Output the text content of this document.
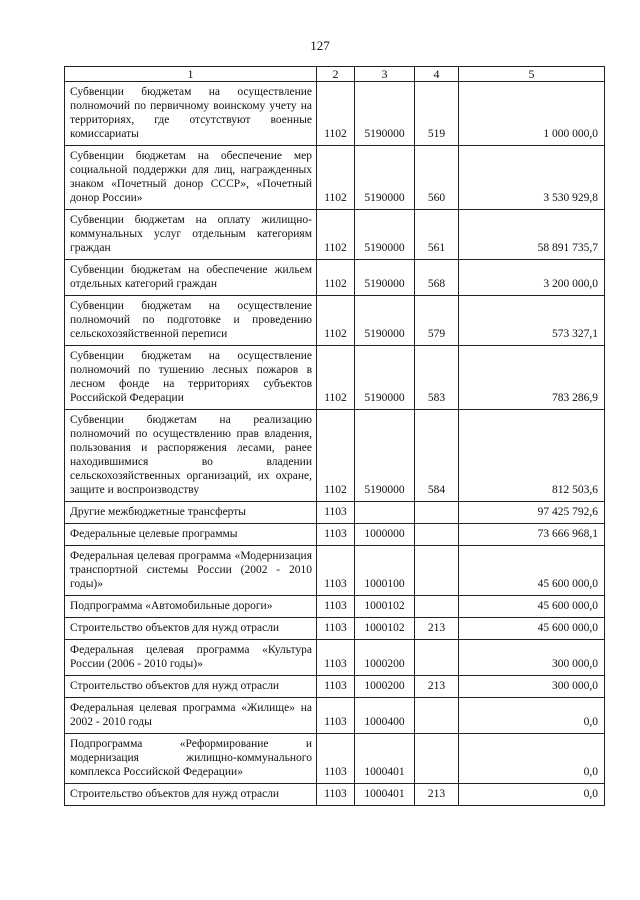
127
1	2	3	4	5
Субвенции бюджетам на осуществление полномочий по первичному воинскому учету на территориях, где отсутствуют военные комиссариаты	1102	5190000	519	1 000 000,0
Субвенции бюджетам на обеспечение мер социальной поддержки для лиц, награжденных знаком «Почетный донор СССР», «Почетный донор России»	1102	5190000	560	3 530 929,8
Субвенции бюджетам на оплату жилищно-коммунальных услуг отдельным категориям граждан	1102	5190000	561	58 891 735,7
Субвенции бюджетам на обеспечение жильем отдельных категорий граждан	1102	5190000	568	3 200 000,0
Субвенции бюджетам на осуществление полномочий по подготовке и проведению сельскохозяйственной переписи	1102	5190000	579	573 327,1
Субвенции бюджетам на осуществление полномочий по тушению лесных пожаров в лесном фонде на территориях субъектов Российской Федерации	1102	5190000	583	783 286,9
Субвенции бюджетам на реализацию полномочий по осуществлению прав владения, пользования и распоряжения лесами, ранее находившимися во владении сельскохозяйственных организаций, их охране, защите и воспроизводству	1102	5190000	584	812 503,6
Другие межбюджетные трансферты	1103			97 425 792,6
Федеральные целевые программы	1103	1000000		73 666 968,1
Федеральная целевая программа «Модернизация транспортной системы России (2002 - 2010 годы)»	1103	1000100		45 600 000,0
Подпрограмма «Автомобильные дороги»	1103	1000102		45 600 000,0
Строительство объектов для нужд отрасли	1103	1000102	213	45 600 000,0
Федеральная целевая программа «Культура России (2006 - 2010 годы)»	1103	1000200		300 000,0
Строительство объектов для нужд отрасли	1103	1000200	213	300 000,0
Федеральная целевая программа «Жилище» на 2002 - 2010 годы	1103	1000400		0,0
Подпрограмма «Реформирование и модернизация жилищно-коммунального комплекса Российской Федерации»	1103	1000401		0,0
Строительство объектов для нужд отрасли	1103	1000401	213	0,0
